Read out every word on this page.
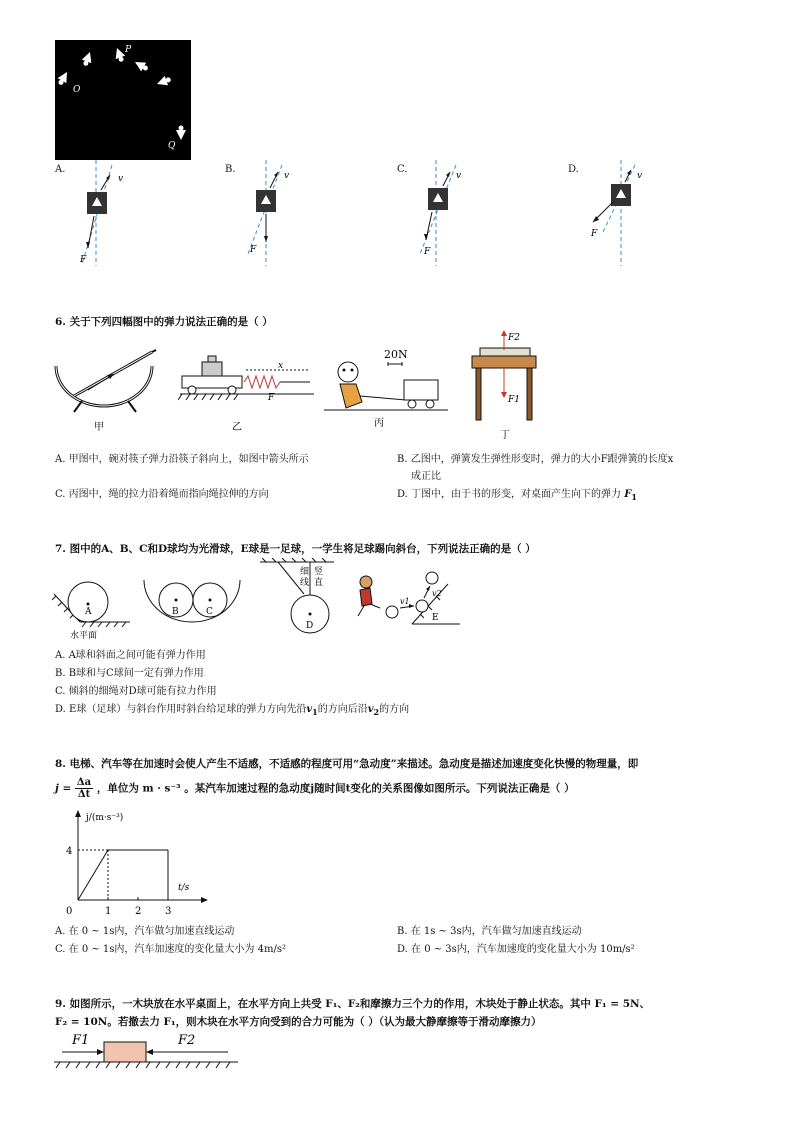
P
O
Q
A.	B.	C.	D.
v
F
v
F
v
F
v
F
6. 关于下列四幅图中的弹力说法正确的是（ ）
甲
x
F
乙
20N
丙
F2
F1
丁
A. 甲图中，碗对筷子弹力沿筷子斜向上，如图中箭头所示	B. 乙图中，弹簧发生弹性形变时，弹力的大小F跟弹簧的长度x
成正比
C. 丙图中，绳的拉力沿着绳而指向绳拉伸的方向	D. 丁图中，由于书的形变，对桌面产生向下的弹力 $F_1$
7. 图中的A、B、C和D球均为光滑球，E球是一足球，一学生将足球踢向斜台，下列说法正确的是（ ）
A
水平面
B	C
D
细
线
竖
直
v1
v2
E
A. A球和斜面之间可能有弹力作用
B. B球和与C球间一定有弹力作用
C. 倾斜的细绳对D球可能有拉力作用
D. E球（足球）与斜台作用时斜台给足球的弹力方向先沿$v_1$的方向后沿$v_2$的方向
8. 电梯、汽车等在加速时会使人产生不适感，不适感的程度可用“急动度”来描述。急动度是描述加速度变化快慢的物理量，即
$j = \frac{\Delta a}{\Delta t}$ ，单位为 m · s⁻³ 。某汽车加速过程的急动度j随时间t变化的关系图像如图所示。下列说法正确是（ ）
j/(m·s⁻³)
t/s
0	1 2 3
4
A. 在 0 ~ 1s内，汽车做匀加速直线运动	B. 在 1s ~ 3s内，汽车做匀加速直线运动
C. 在 0 ~ 1s内，汽车加速度的变化量大小为 4m/s²	D. 在 0 ~ 3s内，汽车加速度的变化量大小为 10m/s²
9. 如图所示，一木块放在水平桌面上，在水平方向上共受 F₁、F₂和摩擦力三个力的作用，木块处于静止状态。其中 F₁ = 5N、
F₂ = 10N。若撤去力 F₁，则木块在水平方向受到的合力可能为（ ）（认为最大静摩擦等于滑动摩擦力）
F1	F2
